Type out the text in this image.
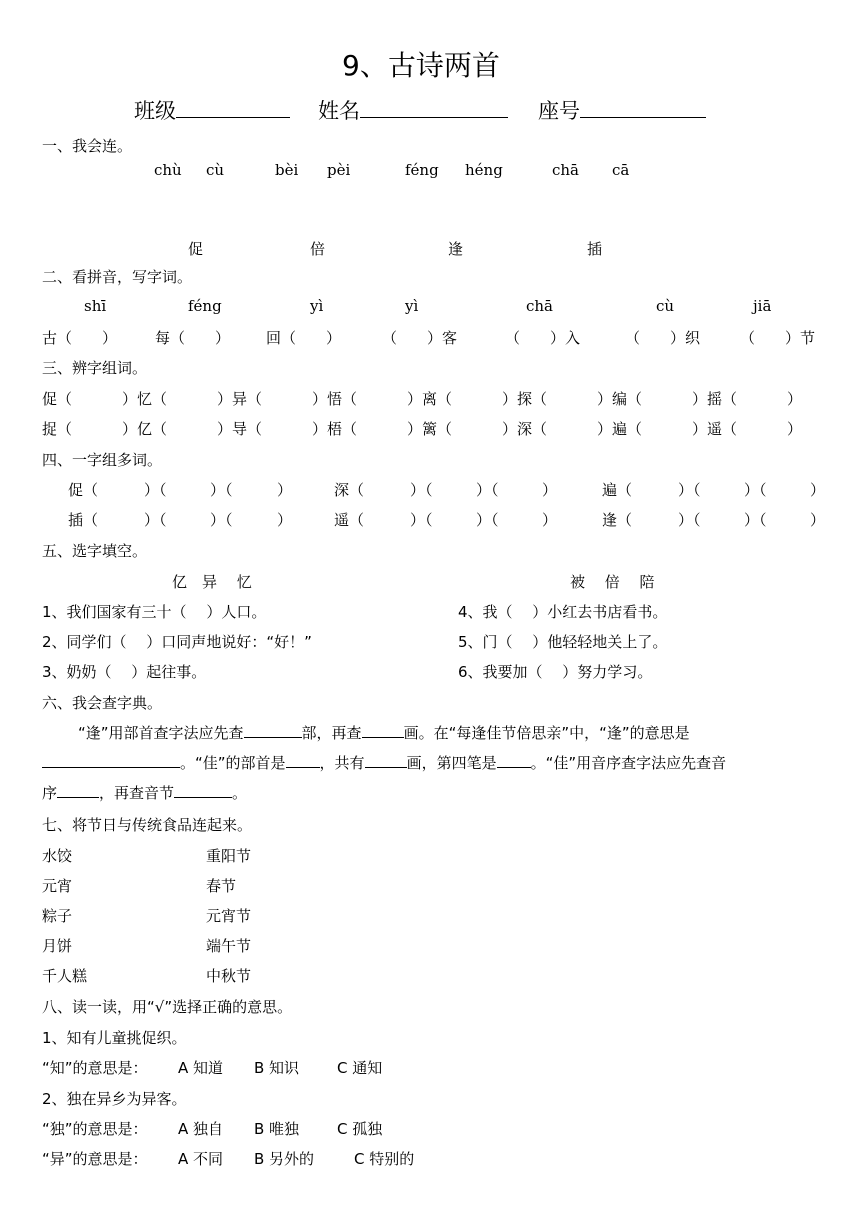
9、古诗两首
班级	姓名	座号
一、我会连。
chù cù	bèi pèi	féng héng	chā cā
促	倍	逢	插
二、看拼音，写字词。
shī	féng	yì	yì	chā	cù	jiā
古（　　）	每（　　） 回（　　）	（　　）客	（　　）入	（　　）织	（　　）节
三、辨字组词。
促（	）忆（	）异（	）悟（	）离（	）探（	）编（	）摇（	）
捉（	）亿（	）导（	）梧（	）篱（	）深（	）遍（	）遥（	）
四、一字组多词。
促（	）（	）（	）	深（	）（	）（	）	遍（	）（	）（	）
插（	）（	）（	）	遥（	）（	）（	）	逢（	）（	）（	）
五、选字填空。
亿　异　 忆	被　 倍　 陪
1、我们国家有三十（　 ）人口。	4、我（　 ）小红去书店看书。
2、同学们（　 ）口同声地说好：“好！”	5、门（　 ）他轻轻地关上了。
3、奶奶（　 ）起往事。	6、我要加（　 ）努力学习。
六、我会查字典。
“逢”用部首查字法应先查	部，再查	画。在“每逢佳节倍思亲”中，“逢”的意思是
。“佳”的部首是 ，共有	画，第四笔是 。“佳”用音序查字法应先查音
序	，再查音节	。
七、将节日与传统食品连起来。
水饺	重阳节
元宵	春节
粽子	元宵节
月饼	端午节
千人糕	中秋节
八、读一读，用“√”选择正确的意思。
1、知有儿童挑促织。
“知”的意思是： A 知道 B 知识	C 通知
2、独在异乡为异客。
“独”的意思是： A 独自 B 唯独	C 孤独
“异”的意思是： A 不同 B 另外的	C 特别的
